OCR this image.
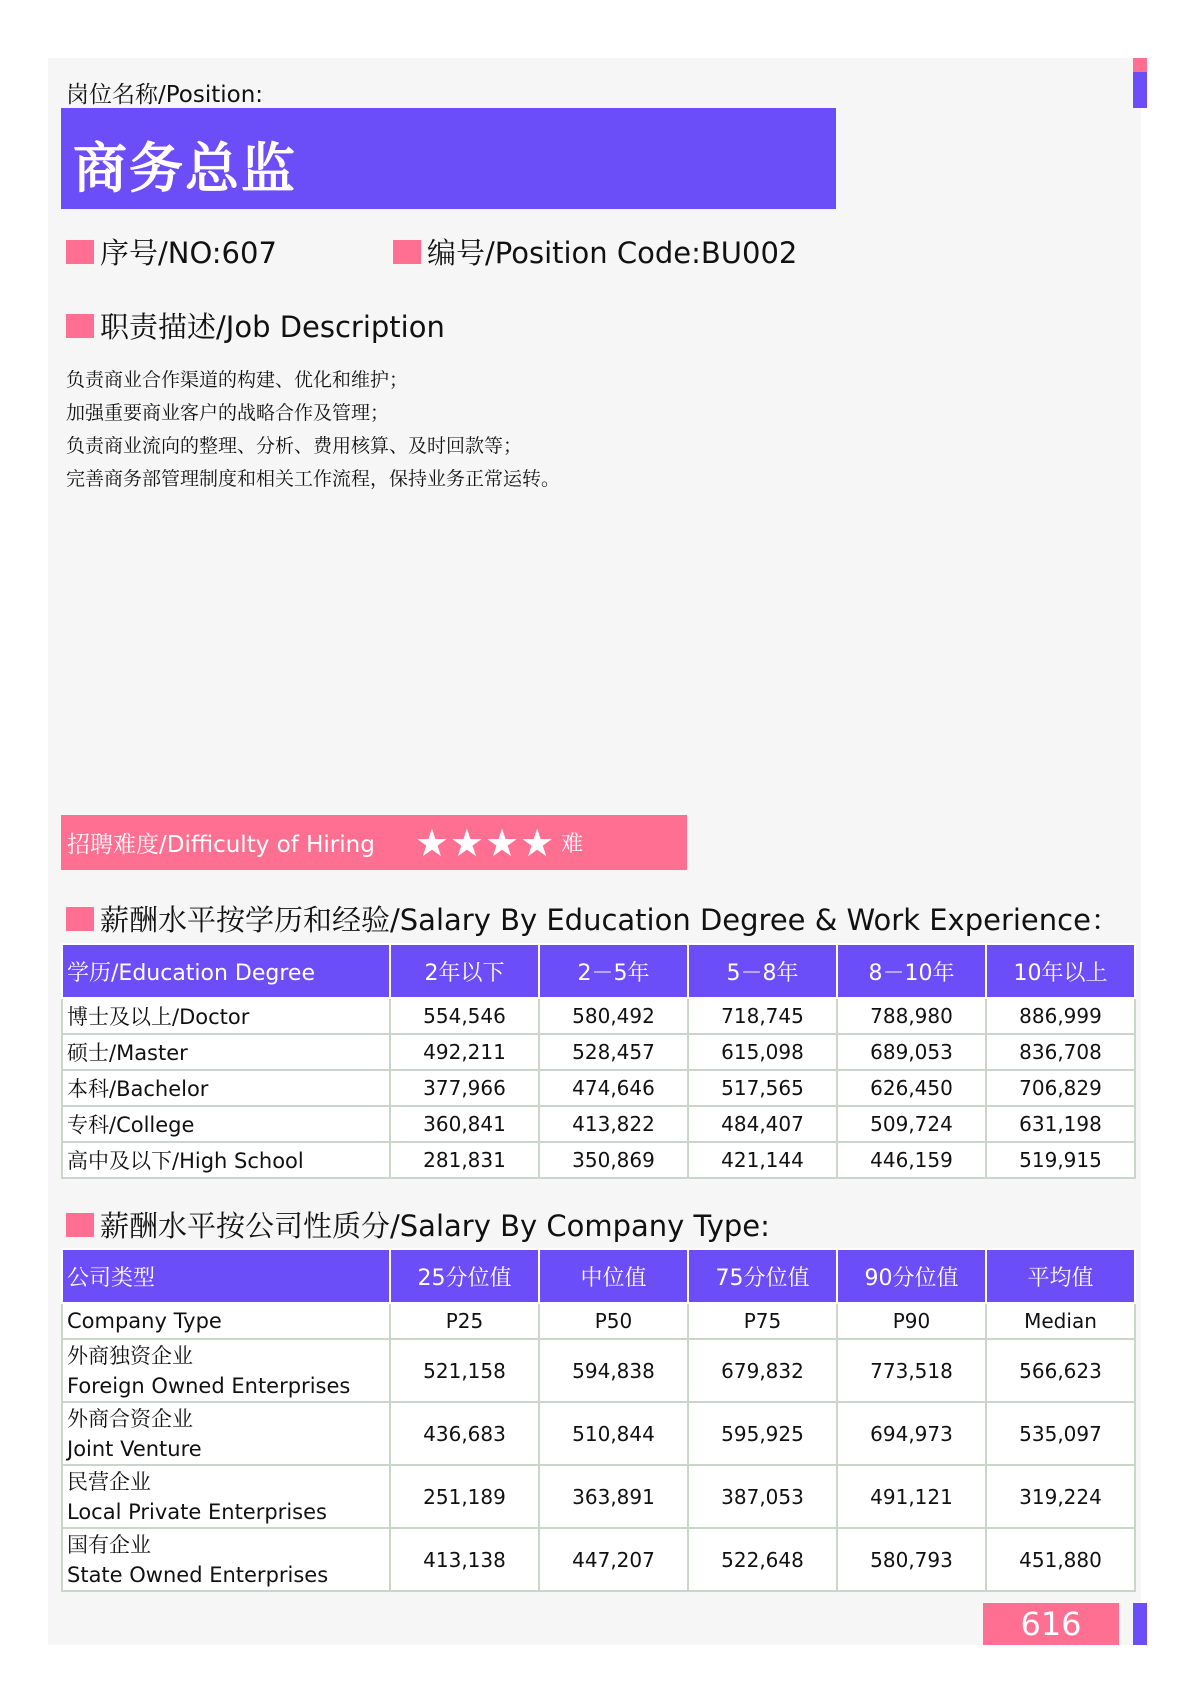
岗位名称/Position:
商务总监
序号/NO:607	编号/Position Code:BU002
职责描述/Job Description
负责商业合作渠道的构建、优化和维护；
加强重要商业客户的战略合作及管理；
负责商业流向的整理、分析、费用核算、及时回款等；
完善商务部管理制度和相关工作流程，保持业务正常运转。
招聘难度/Difficulty of Hiring ★★★★ 难
薪酬水平按学历和经验/Salary By Education Degree & Work Experience：
学历/Education Degree	2年以下	2－5年	5－8年	8－10年	10年以上
博士及以上/Doctor	554,546	580,492	718,745	788,980	886,999
硕士/Master	492,211	528,457	615,098	689,053	836,708
本科/Bachelor	377,966	474,646	517,565	626,450	706,829
专科/College	360,841	413,822	484,407	509,724	631,198
高中及以下/High School	281,831	350,869	421,144	446,159	519,915
薪酬水平按公司性质分/Salary By Company Type:
公司类型	25分位值	中位值	75分位值	90分位值	平均值
Company Type	P25	P50	P75	P90	Median

外商独资企业
Foreign Owned Enterprises	521,158	594,838	679,832	773,518	566,623

外商合资企业
Joint Venture	436,683	510,844	595,925	694,973	535,097

民营企业
Local Private Enterprises	251,189	363,891	387,053	491,121	319,224

国有企业
State Owned Enterprises	413,138	447,207	522,648	580,793	451,880
616
